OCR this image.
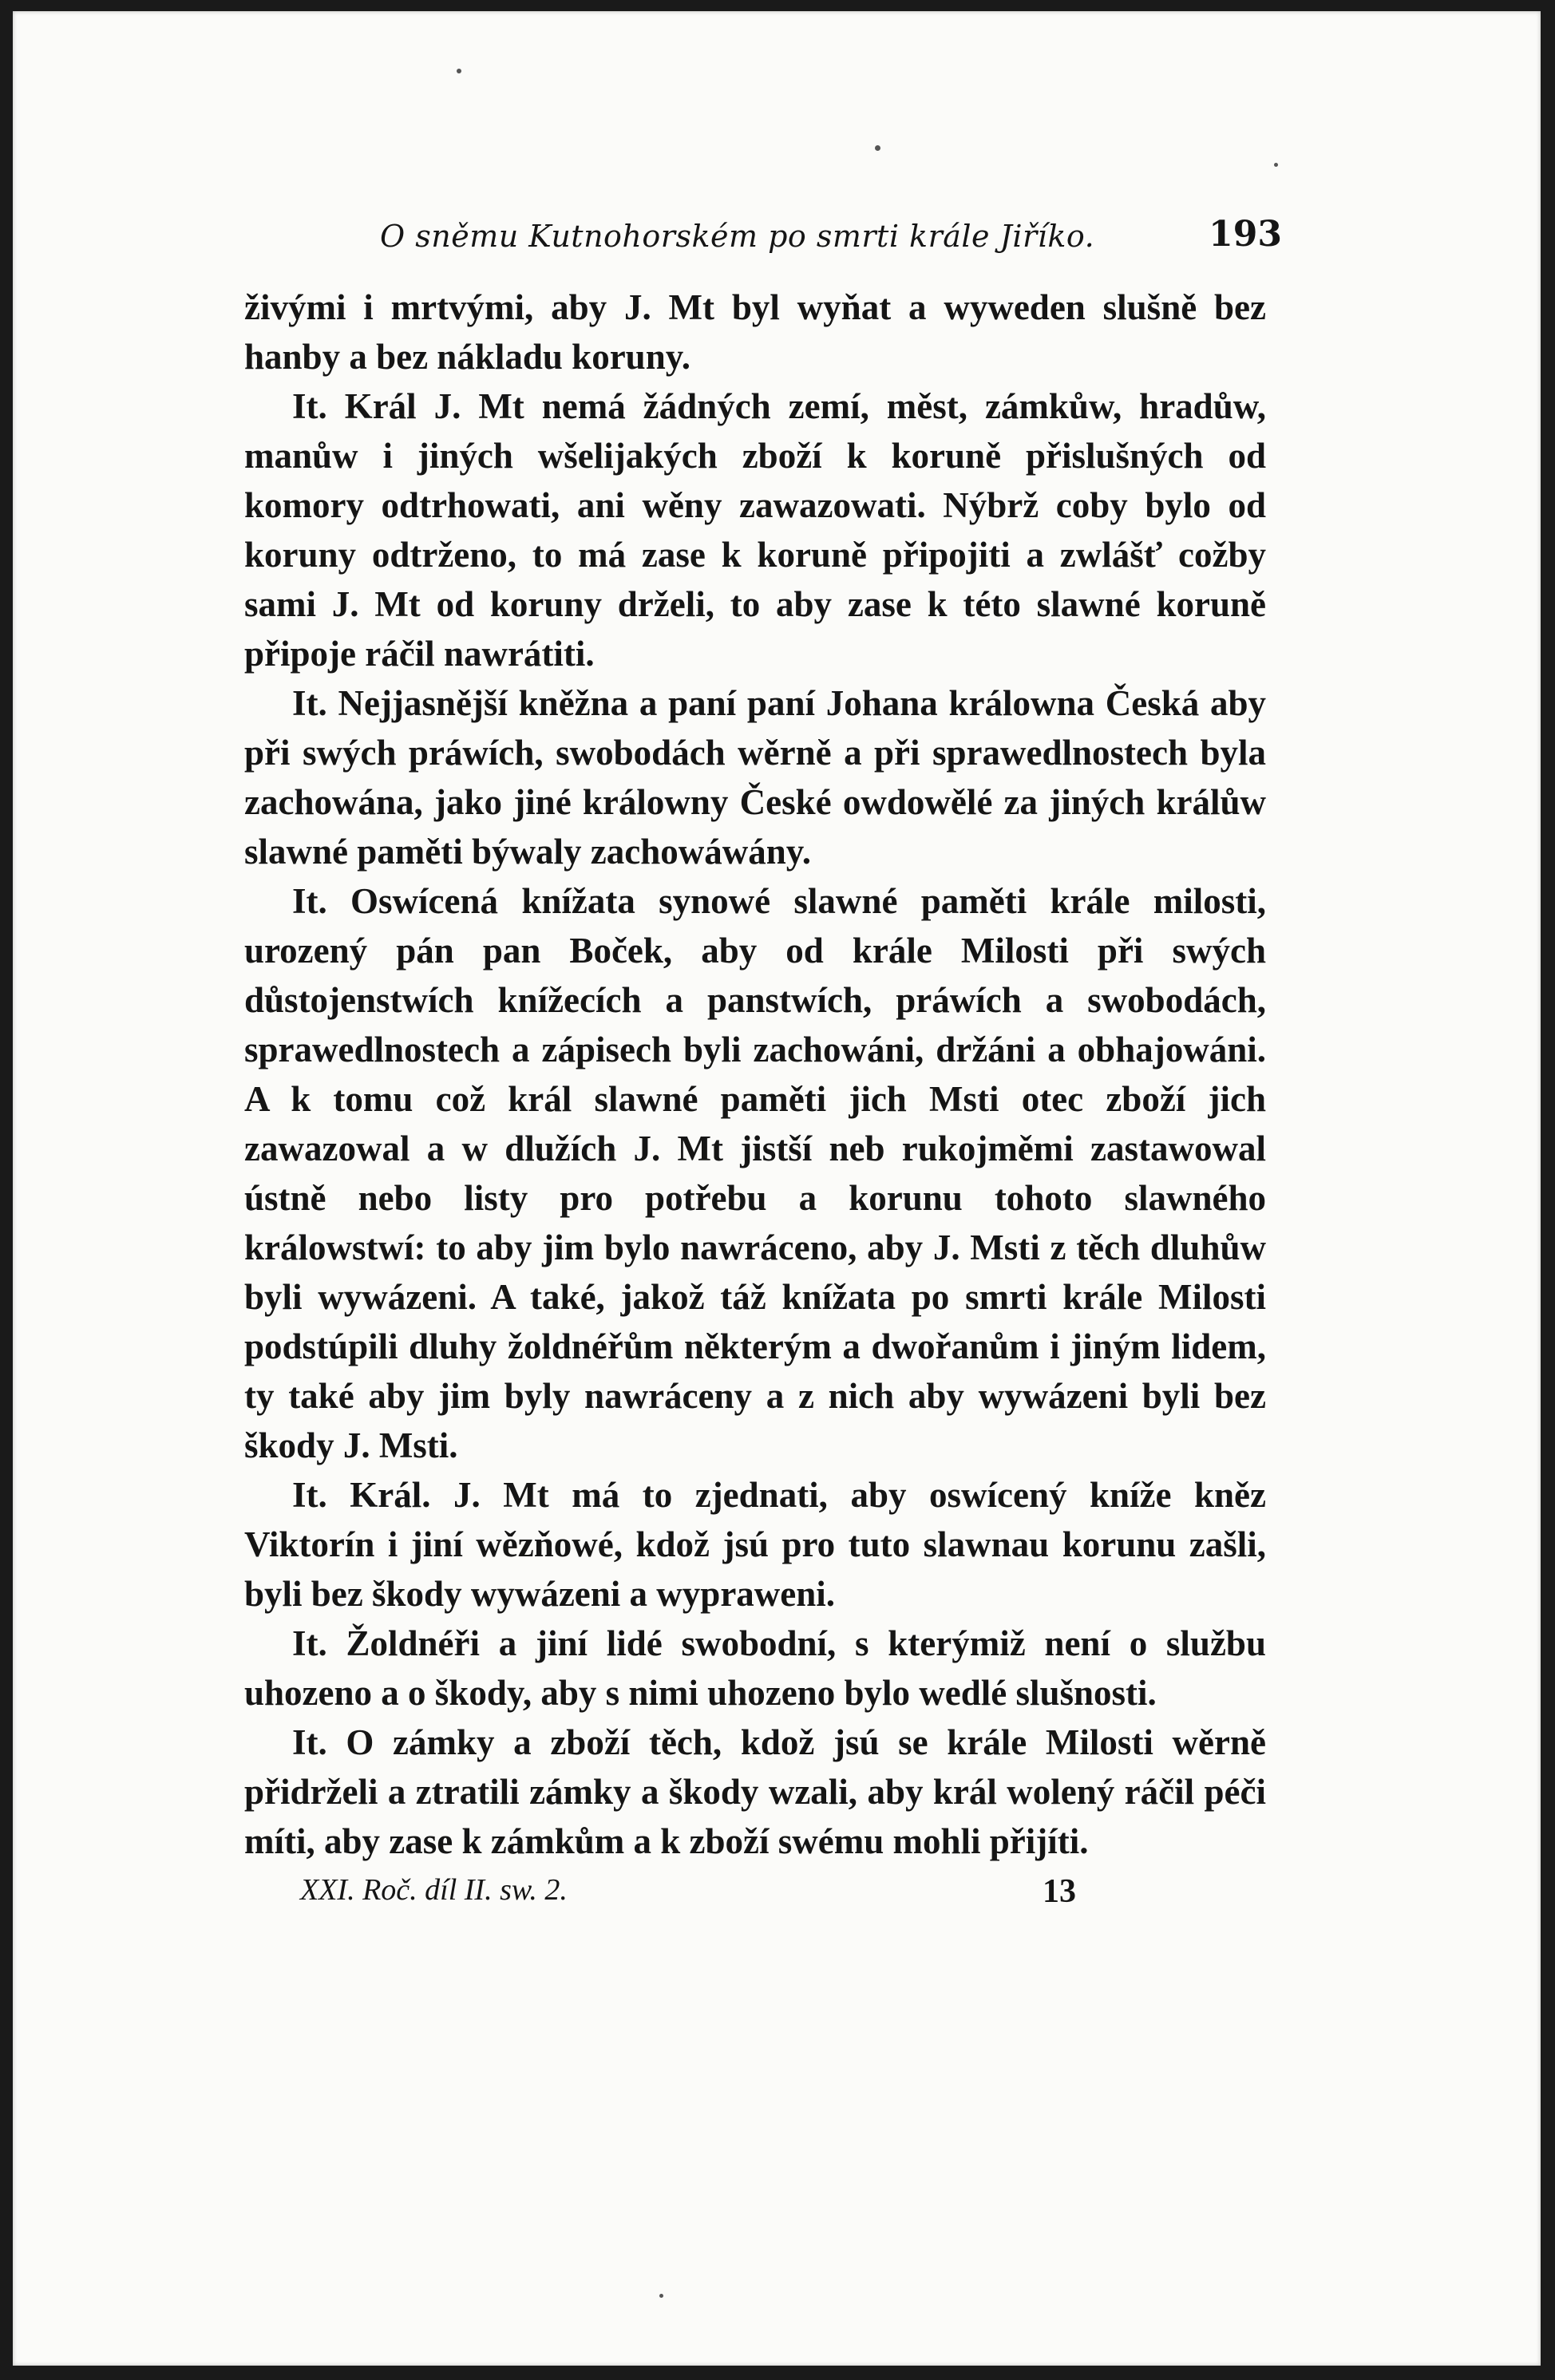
O sněmu Kutnohorském po smrti krále Jiříko.	193

živými i mrtvými, aby J. Mt byl wyňat a wyweden slušně bez hanby a bez nákladu koruny.

It. Král J. Mt nemá žádných zemí, měst, zámkůw, hradůw, manůw i jiných wšelijakých zboží k koruně přislušných od komory odtrhowati, ani wěny zawazowati. Nýbrž coby bylo od koruny odtrženo, to má zase k koruně připojiti a zwlášť cožby sami J. Mt od koruny drželi, to aby zase k této slawné koruně připoje ráčil nawrátiti.

It. Nejjasnější kněžna a paní paní Johana králowna Česká aby při swých práwích, swobodách wěrně a při sprawedlnostech byla zachowána, jako jiné králowny České owdowělé za jiných králůw slawné paměti býwaly zachowáwány.

It. Oswícená knížata synowé slawné paměti krále milosti, urozený pán pan Boček, aby od krále Milosti při swých důstojenstwích knížecích a panstwích, práwích a swobodách, sprawedlnostech a zápisech byli zachowáni, držáni a obhajowáni. A k tomu což král slawné paměti jich Msti otec zboží jich zawazowal a w dlužích J. Mt jistší neb rukojměmi zastawowal ústně nebo listy pro potřebu a korunu tohoto slawného králowstwí: to aby jim bylo nawráceno, aby J. Msti z těch dluhůw byli wywázeni. A také, jakož táž knížata po smrti krále Milosti podstúpili dluhy žoldnéřům některým a dwořanům i jiným lidem, ty také aby jim byly nawráceny a z nich aby wywázeni byli bez škody J. Msti.

It. Král. J. Mt má to zjednati, aby oswícený kníže kněz Viktorín i jiní wězňowé, kdož jsú pro tuto slawnau korunu zašli, byli bez škody wywázeni a wypraweni.

It. Žoldnéři a jiní lidé swobodní, s kterýmiž není o službu uhozeno a o škody, aby s nimi uhozeno bylo wedlé slušnosti.

It. O zámky a zboží těch, kdož jsú se krále Milosti wěrně přidrželi a ztratili zámky a škody wzali, aby král wolený ráčil péči míti, aby zase k zámkům a k zboží swému mohli přijíti.

XXI. Roč. díl II. sw. 2.	13
